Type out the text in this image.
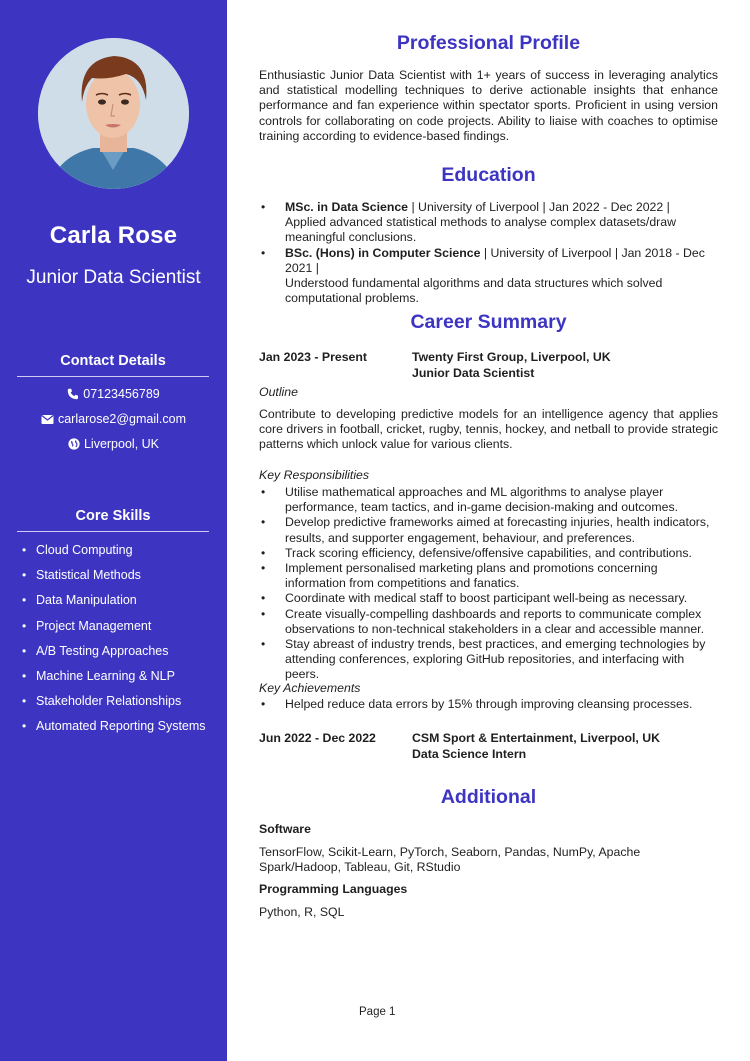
Carla Rose
Junior Data Scientist
Contact Details
07123456789
carlarose2@gmail.com
Liverpool, UK
Core Skills
• Cloud Computing
• Statistical Methods
• Data Manipulation
• Project Management
• A/B Testing Approaches
• Machine Learning & NLP
• Stakeholder Relationships
• Automated Reporting Systems
Professional Profile
Enthusiastic Junior Data Scientist with 1+ years of success in leveraging analytics and statistical modelling techniques to derive actionable insights that enhance performance and fan experience within spectator sports. Proficient in using version controls for collaborating on code projects. Ability to liaise with coaches to optimise training according to evidence-based findings.
Education
• MSc. in Data Science | University of Liverpool | Jan 2022 - Dec 2022 |
Applied advanced statistical methods to analyse complex datasets/draw meaningful conclusions.
• BSc. (Hons) in Computer Science | University of Liverpool | Jan 2018 - Dec 2021 |
Understood fundamental algorithms and data structures which solved computational problems.
Career Summary
Jan 2023 - Present	Twenty First Group, Liverpool, UK
Junior Data Scientist
Outline
Contribute to developing predictive models for an intelligence agency that applies core drivers in football, cricket, rugby, tennis, hockey, and netball to provide strategic patterns which unlock value for various clients.
Key Responsibilities
• Utilise mathematical approaches and ML algorithms to analyse player performance, team tactics, and in-game decision-making and outcomes.
• Develop predictive frameworks aimed at forecasting injuries, health indicators, results, and supporter engagement, behaviour, and preferences.
• Track scoring efficiency, defensive/offensive capabilities, and contributions.
• Implement personalised marketing plans and promotions concerning information from competitions and fanatics.
• Coordinate with medical staff to boost participant well-being as necessary.
• Create visually-compelling dashboards and reports to communicate complex observations to non-technical stakeholders in a clear and accessible manner.
• Stay abreast of industry trends, best practices, and emerging technologies by attending conferences, exploring GitHub repositories, and interfacing with peers.
Key Achievements
• Helped reduce data errors by 15% through improving cleansing processes.
Jun 2022 - Dec 2022	CSM Sport & Entertainment, Liverpool, UK
Data Science Intern
Additional
Software
TensorFlow, Scikit-Learn, PyTorch, Seaborn, Pandas, NumPy, Apache Spark/Hadoop, Tableau, Git, RStudio
Programming Languages
Python, R, SQL
Page 1
